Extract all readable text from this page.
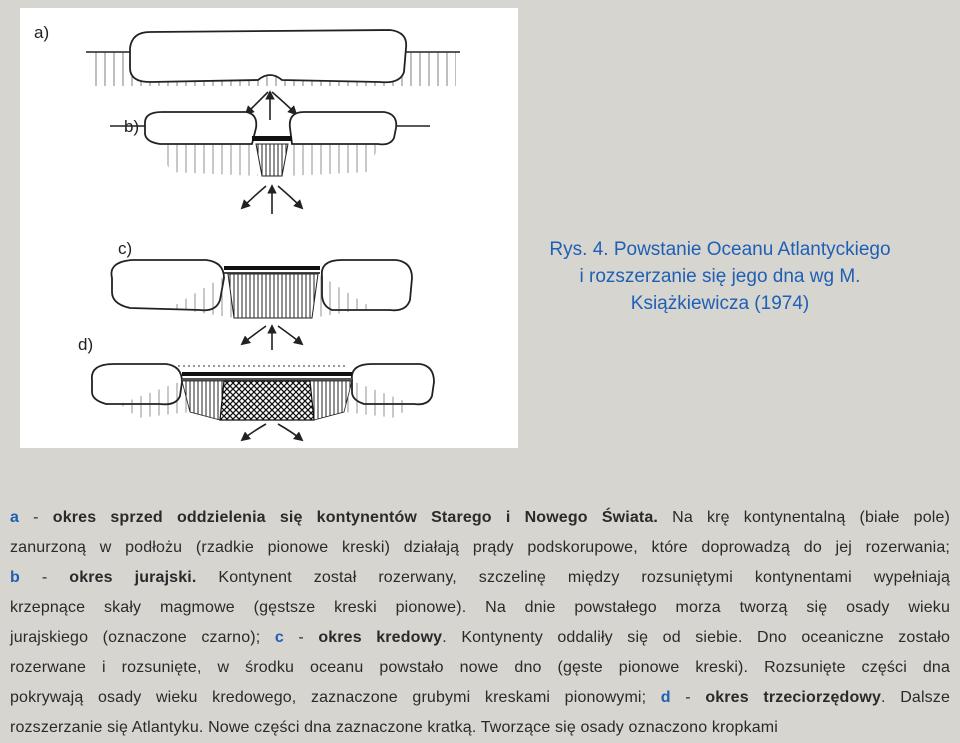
a)
b)
c)
d)
Rys. 4. Powstanie Oceanu Atlantyckiego
i rozszerzanie się jego dna wg M.
Książkiewicza (1974)
a - okres sprzed oddzielenia się kontynentów Starego i Nowego Świata. Na krę kontynentalną (białe pole)
zanurzoną w podłożu (rzadkie pionowe kreski) działają prądy podskorupowe, które doprowadzą do jej rozerwania;
b - okres jurajski. Kontynent został rozerwany, szczelinę między rozsuniętymi kontynentami wypełniają
krzepnące skały magmowe (gęstsze kreski pionowe). Na dnie powstałego morza tworzą się osady wieku
jurajskiego (oznaczone czarno); c - okres kredowy. Kontynenty oddaliły się od siebie. Dno oceaniczne zostało
rozerwane i rozsunięte, w środku oceanu powstało nowe dno (gęste pionowe kreski). Rozsunięte części dna
pokrywają osady wieku kredowego, zaznaczone grubymi kreskami pionowymi; d - okres trzeciorzędowy. Dalsze
rozszerzanie się Atlantyku. Nowe części dna zaznaczone kratką. Tworzące się osady oznaczono kropkami
